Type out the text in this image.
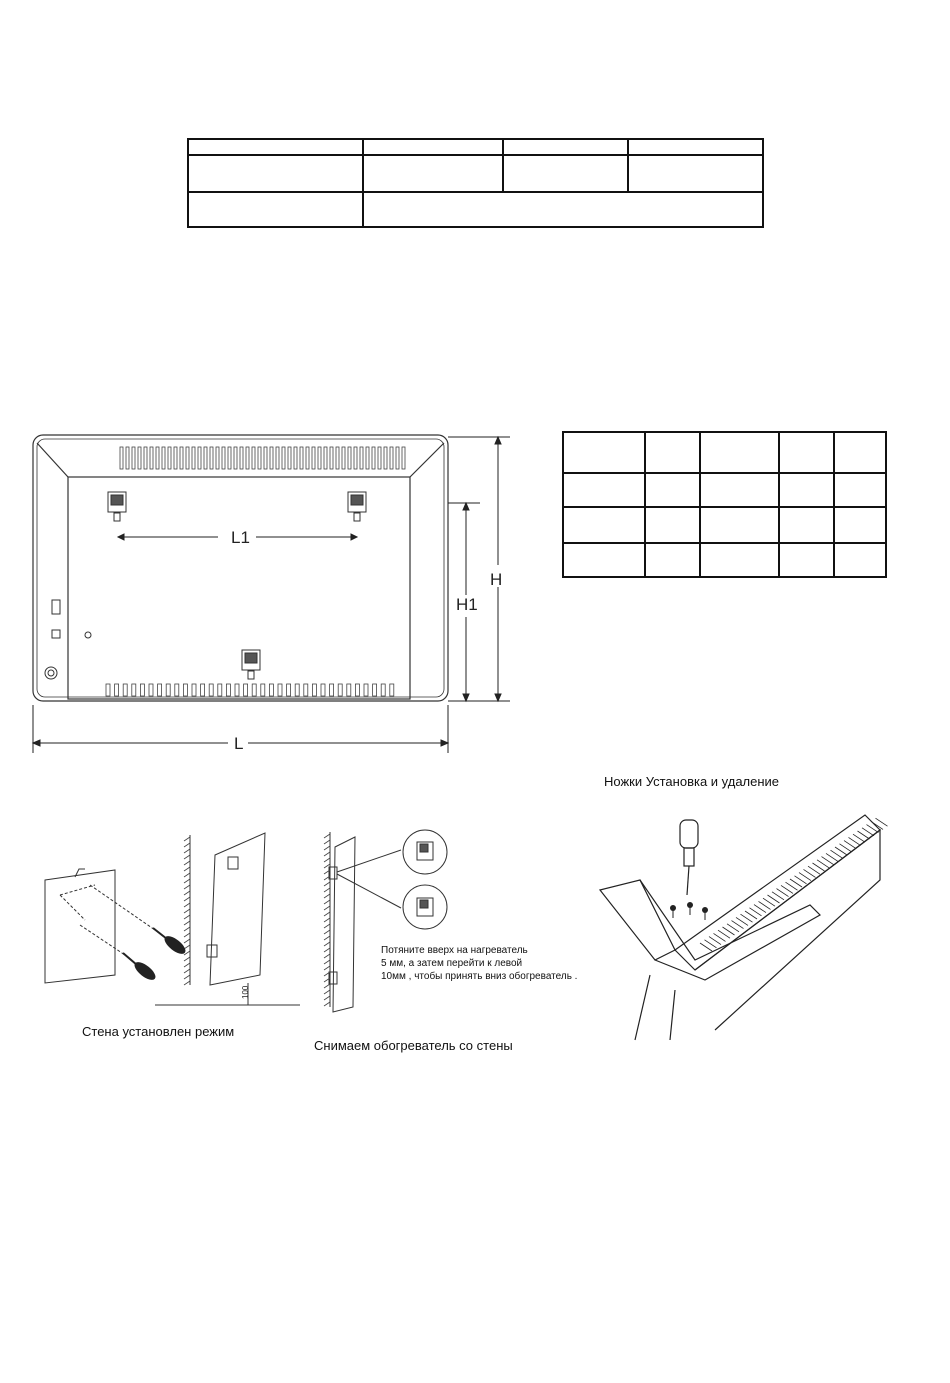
L1
L
H
H1
Ножки Установка и удаление
100
Стена установлен режим
Потяните вверх на нагреватель
5 мм, а затем перейти к левой
10мм , чтобы принять вниз обогреватель .
Снимаем обогреватель со стены
